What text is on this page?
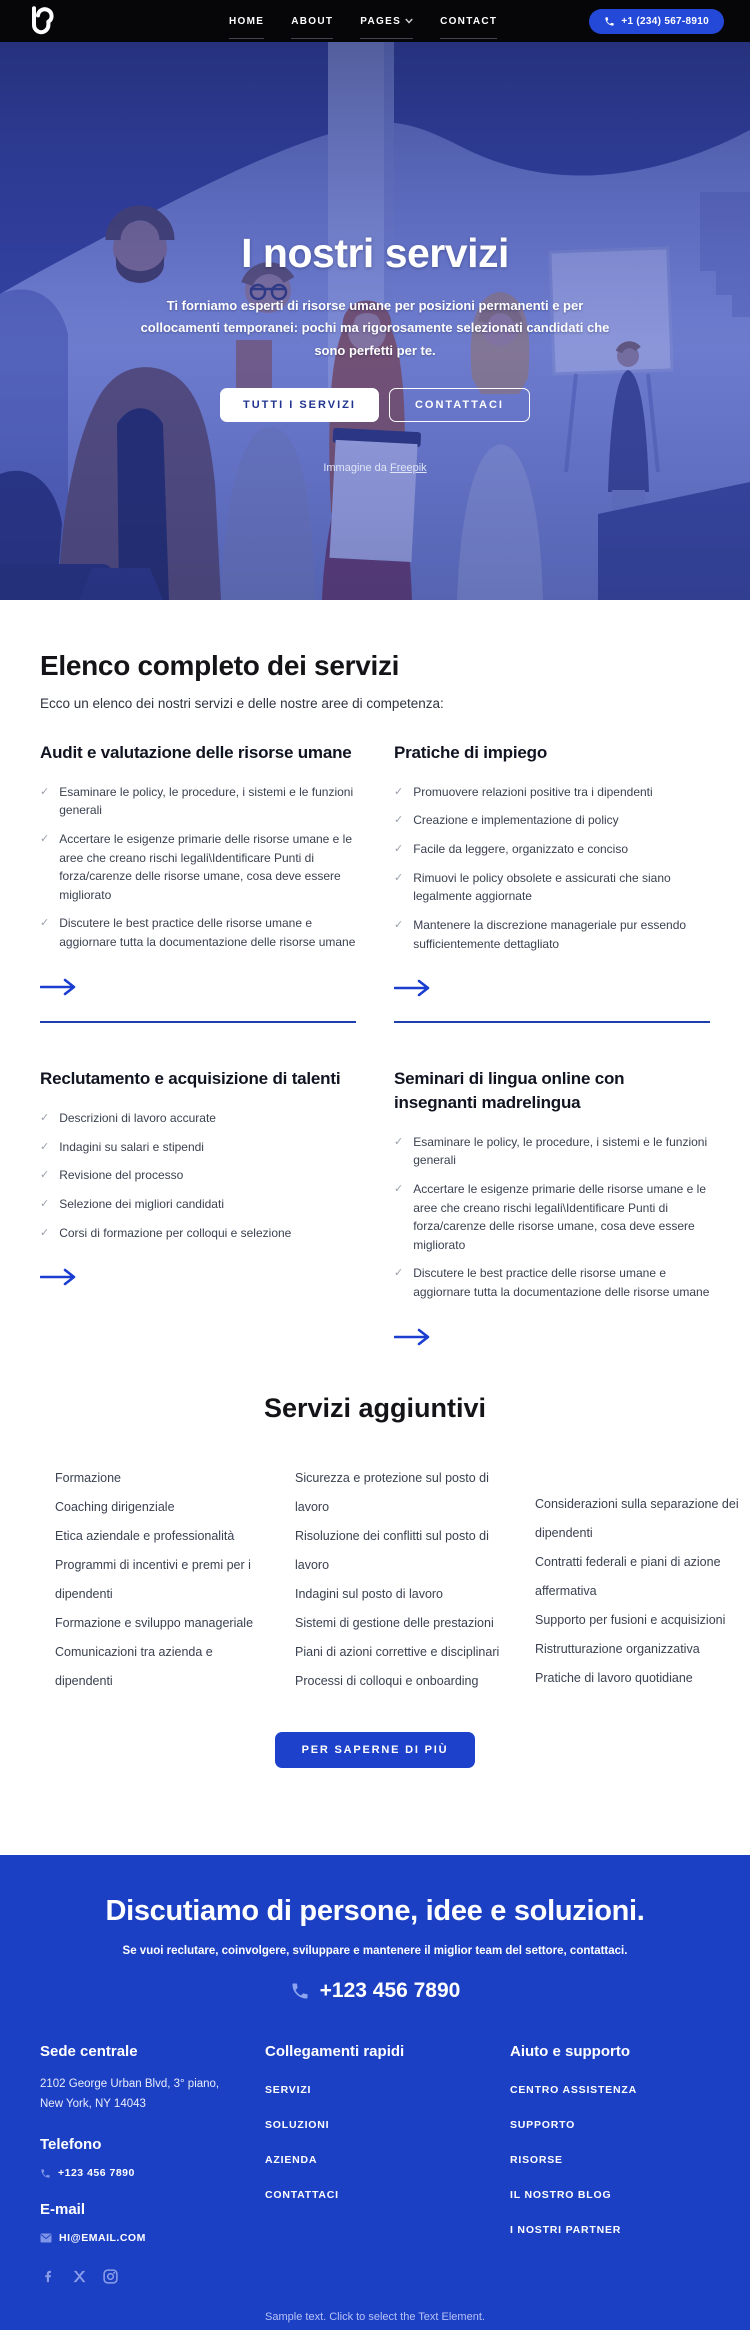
HOME	ABOUT	PAGES	CONTACT	+1 (234) 567-8910
I nostri servizi

Ti forniamo esperti di risorse umane per posizioni permanenti e per collocamenti temporanei: pochi ma rigorosamente selezionati candidati che sono perfetti per te.

TUTTI I SERVIZI	CONTATTACI
Immagine da Freepik
Elenco completo dei servizi

Ecco un elenco dei nostri servizi e delle nostre aree di competenza:

Audit e valutazione delle risorse umane
✓ Esaminare le policy, le procedure, i sistemi e le funzioni generali
✓ Accertare le esigenze primarie delle risorse umane e le aree che creano rischi legali\Identificare Punti di forza/carenze delle risorse umane, cosa deve essere migliorato
✓ Discutere le best practice delle risorse umane e aggiornare tutta la documentazione delle risorse umane
Pratiche di impiego
✓ Promuovere relazioni positive tra i dipendenti
✓ Creazione e implementazione di policy
✓ Facile da leggere, organizzato e conciso
✓ Rimuovi le policy obsolete e assicurati che siano legalmente aggiornate
✓ Mantenere la discrezione manageriale pur essendo sufficientemente dettagliato
Reclutamento e acquisizione di talenti
✓ Descrizioni di lavoro accurate
✓ Indagini su salari e stipendi
✓ Revisione del processo
✓ Selezione dei migliori candidati
✓ Corsi di formazione per colloqui e selezione
Seminari di lingua online con insegnanti madrelingua
✓ Esaminare le policy, le procedure, i sistemi e le funzioni generali
✓ Accertare le esigenze primarie delle risorse umane e le aree che creano rischi legali\Identificare Punti di forza/carenze delle risorse umane, cosa deve essere migliorato
✓ Discutere le best practice delle risorse umane e aggiornare tutta la documentazione delle risorse umane
Servizi aggiuntivi
Formazione
Coaching dirigenziale
Etica aziendale e professionalità
Programmi di incentivi e premi per i dipendenti
Formazione e sviluppo manageriale
Comunicazioni tra azienda e dipendenti
Sicurezza e protezione sul posto di lavoro
Risoluzione dei conflitti sul posto di lavoro
Indagini sul posto di lavoro
Sistemi di gestione delle prestazioni
Piani di azioni correttive e disciplinari
Processi di colloqui e onboarding
Considerazioni sulla separazione dei dipendenti
Contratti federali e piani di azione affermativa
Supporto per fusioni e acquisizioni
Ristrutturazione organizzativa
Pratiche di lavoro quotidiane
PER SAPERNE DI PIÙ
Discutiamo di persone, idee e soluzioni.

Se vuoi reclutare, coinvolgere, sviluppare e mantenere il miglior team del settore, contattaci.

+123 456 7890
Sede centrale
2102 George Urban Blvd, 3° piano,
New York, NY 14043
Telefono
+123 456 7890
E-mail
HI@EMAIL.COM
Collegamenti rapidi
SERVIZI
SOLUZIONI
AZIENDA
CONTATTACI
Aiuto e supporto
CENTRO ASSISTENZA
SUPPORTO
RISORSE
IL NOSTRO BLOG
I NOSTRI PARTNER

Sample text. Click to select the Text Element.
